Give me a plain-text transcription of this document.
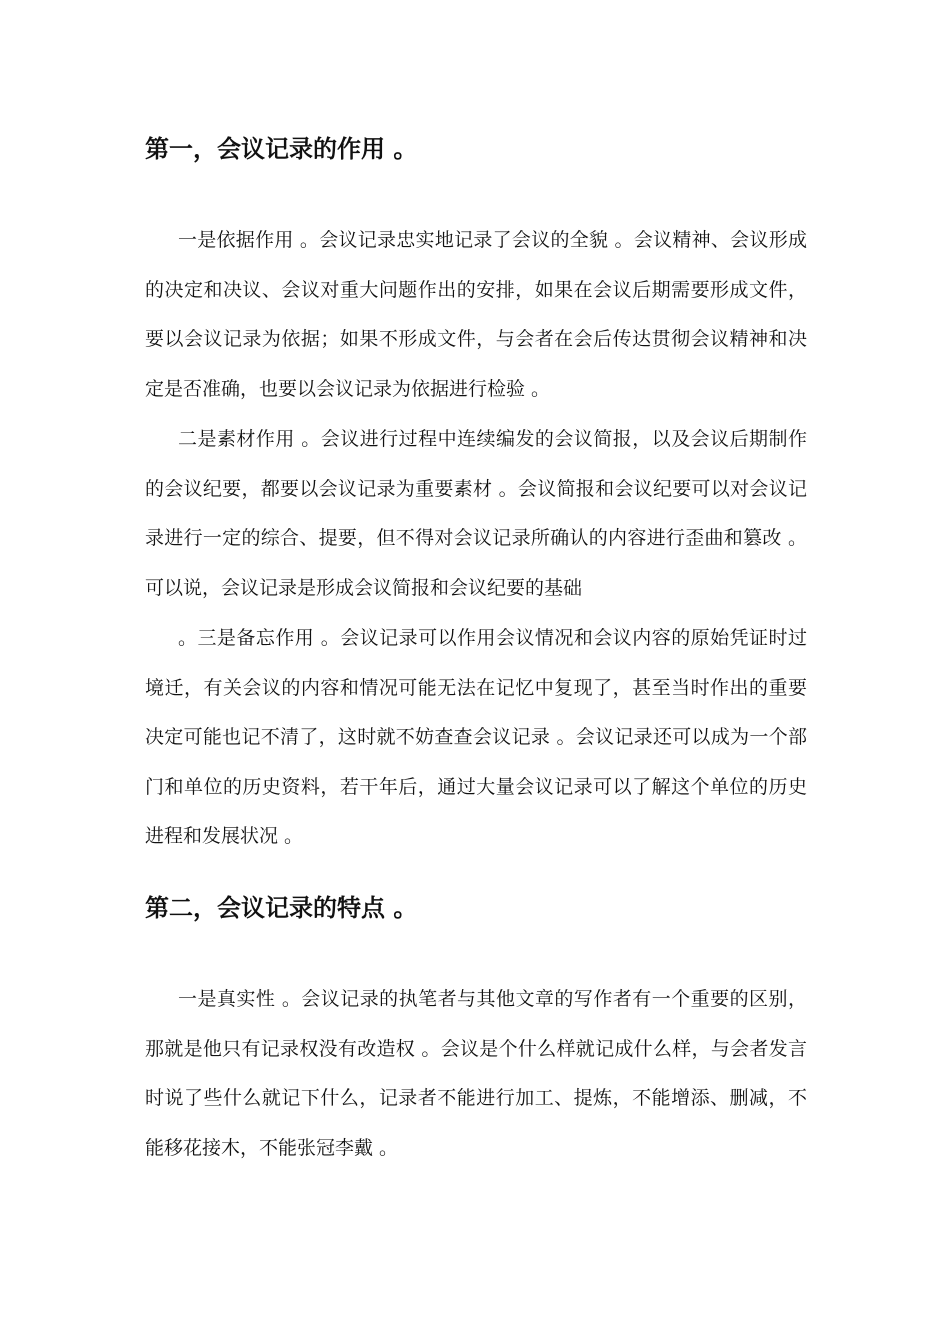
第一，会议记录的作用 。

一是依据作用 。会议记录忠实地记录了会议的全貌 。会议精神、会议形成的决定和决议、会议对重大问题作出的安排，如果在会议后期需要形成文件，要以会议记录为依据；如果不形成文件，与会者在会后传达贯彻会议精神和决定是否准确，也要以会议记录为依据进行检验 。

二是素材作用 。会议进行过程中连续编发的会议简报，以及会议后期制作的会议纪要，都要以会议记录为重要素材 。会议简报和会议纪要可以对会议记录进行一定的综合、提要，但不得对会议记录所确认的内容进行歪曲和篡改 。可以说，会议记录是形成会议简报和会议纪要的基础

。三是备忘作用 。会议记录可以作用会议情况和会议内容的原始凭证时过境迁，有关会议的内容和情况可能无法在记忆中复现了，甚至当时作出的重要决定可能也记不清了，这时就不妨查查会议记录 。会议记录还可以成为一个部门和单位的历史资料，若干年后，通过大量会议记录可以了解这个单位的历史进程和发展状况 。

第二，会议记录的特点 。

一是真实性 。会议记录的执笔者与其他文章的写作者有一个重要的区别，那就是他只有记录权没有改造权 。会议是个什么样就记成什么样，与会者发言时说了些什么就记下什么，记录者不能进行加工、提炼，不能增添、删减，不能移花接木，不能张冠李戴 。
